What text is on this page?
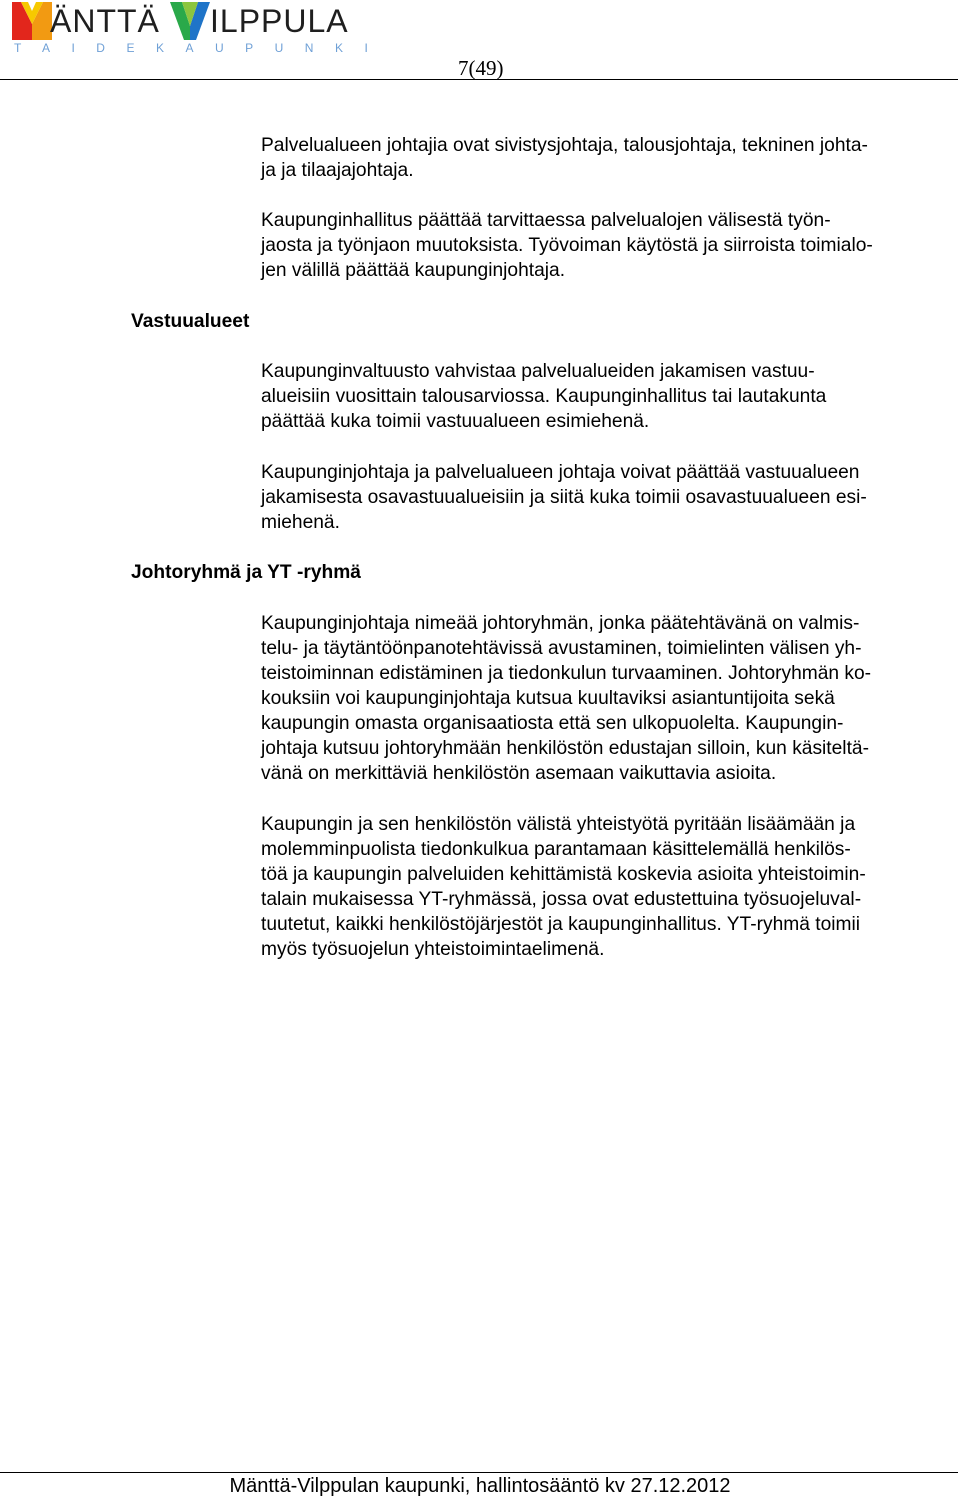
ÄNTTÄ ILPPULA
TAIDEKAUPUNKI
7(49)
Palvelualueen johtajia ovat sivistysjohtaja, talousjohtaja, tekninen johta-
ja ja tilaajajohtaja.
Kaupunginhallitus päättää tarvittaessa palvelualojen välisestä työn-
jaosta ja työnjaon muutoksista. Työvoiman käytöstä ja siirroista toimialo-
jen välillä päättää kaupunginjohtaja.
Vastuualueet
Kaupunginvaltuusto vahvistaa palvelualueiden jakamisen vastuu-
alueisiin vuosittain talousarviossa. Kaupunginhallitus tai lautakunta
päättää kuka toimii vastuualueen esimiehenä.
Kaupunginjohtaja ja palvelualueen johtaja voivat päättää vastuualueen
jakamisesta osavastuualueisiin ja siitä kuka toimii osavastuualueen esi-
miehenä.
Johtoryhmä ja YT -ryhmä
Kaupunginjohtaja nimeää johtoryhmän, jonka päätehtävänä on valmis-
telu- ja täytäntöönpanotehtävissä avustaminen, toimielinten välisen yh-
teistoiminnan edistäminen ja tiedonkulun turvaaminen. Johtoryhmän ko-
kouksiin voi kaupunginjohtaja kutsua kuultaviksi asiantuntijoita sekä
kaupungin omasta organisaatiosta että sen ulkopuolelta. Kaupungin-
johtaja kutsuu johtoryhmään henkilöstön edustajan silloin, kun käsiteltä-
vänä on merkittäviä henkilöstön asemaan vaikuttavia asioita.
Kaupungin ja sen henkilöstön välistä yhteistyötä pyritään lisäämään ja
molemminpuolista tiedonkulkua parantamaan käsittelemällä henkilös-
töä ja kaupungin palveluiden kehittämistä koskevia asioita yhteistoimin-
talain mukaisessa YT-ryhmässä, jossa ovat edustettuina työsuojeluval-
tuutetut, kaikki henkilöstöjärjestöt ja kaupunginhallitus. YT-ryhmä toimii
myös työsuojelun yhteistoimintaelimenä.
Mänttä-Vilppulan kaupunki, hallintosääntö kv 27.12.2012
